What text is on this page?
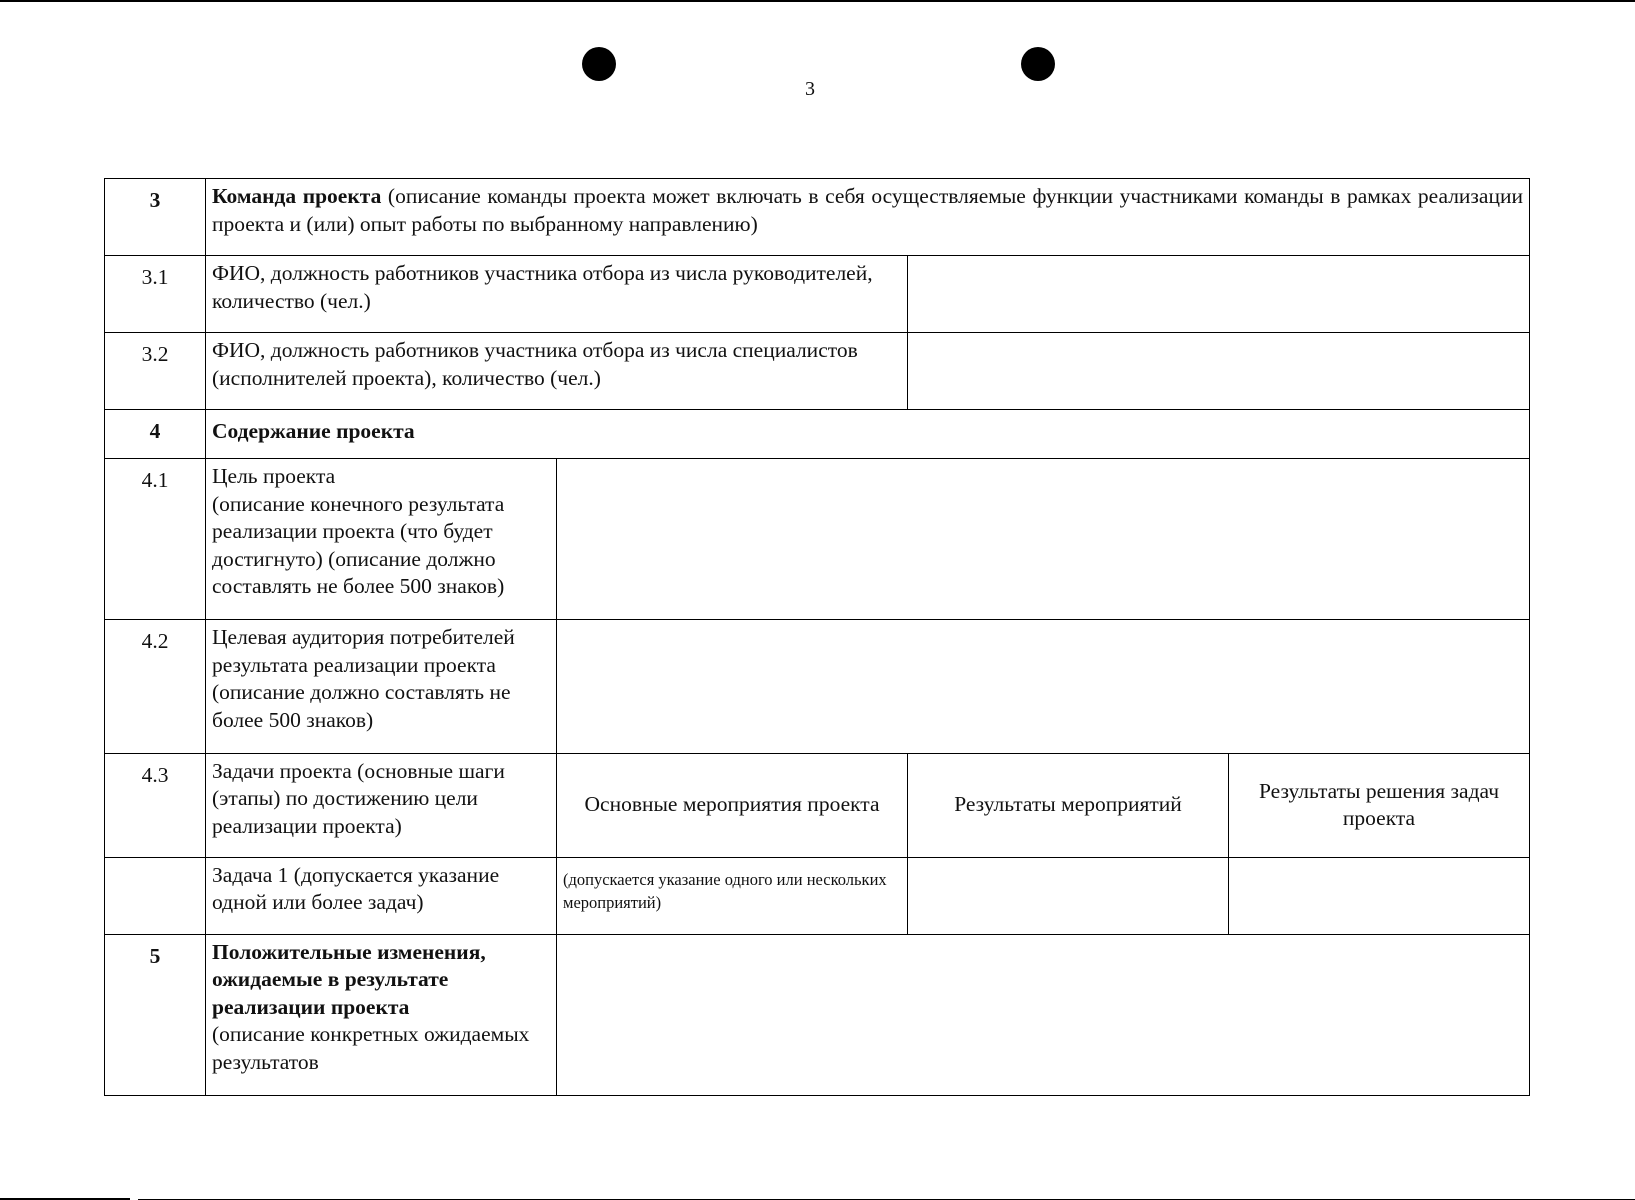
3
3	Команда проекта (описание команды проекта может включать в себя осуществляемые функции участниками команды в рамках реализации проекта и (или) опыт работы по выбранному направлению)			
3.1	ФИО, должность работников участника отбора из числа руководителей, количество (чел.)			
3.2	ФИО, должность работников участника отбора из числа специалистов (исполнителей проекта), количество (чел.)			
4	Содержание проекта			
4.1	Цель проекта
(описание конечного результата реализации проекта (что будет достигнуто) (описание должно составлять не более 500 знаков)			

4.2	Целевая аудитория потребителей результата реализации проекта (описание должно составлять не более 500 знаков)			
4.3	Задачи проекта (основные шаги (этапы) по достижению цели реализации проекта)	Основные мероприятия проекта	Результаты мероприятий	Результаты решения задач проекта
	Задача 1 (допускается указание одной или более задач)	(допускается указание одного или нескольких мероприятий)		
5	Положительные изменения, ожидаемые в результате реализации проекта
(описание конкретных ожидаемых результатов			
